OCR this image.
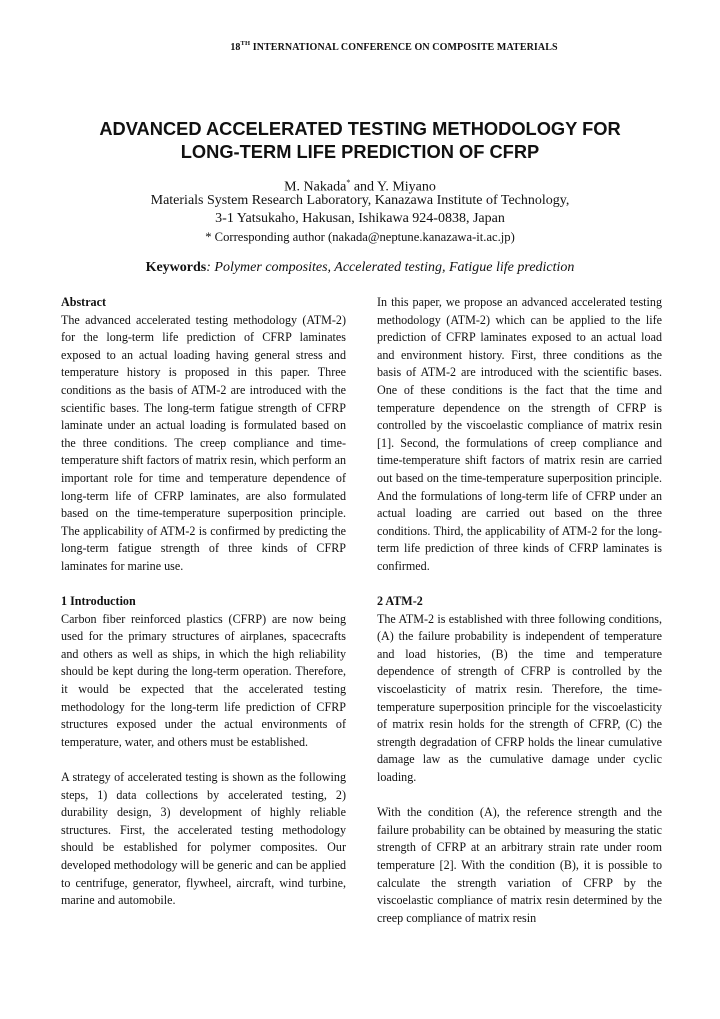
18TH INTERNATIONAL CONFERENCE ON COMPOSITE MATERIALS
ADVANCED ACCELERATED TESTING METHODOLOGY FOR
LONG-TERM LIFE PREDICTION OF CFRP
M. Nakada* and Y. Miyano
Materials System Research Laboratory, Kanazawa Institute of Technology,
3-1 Yatsukaho, Hakusan, Ishikawa 924-0838, Japan
* Corresponding author (nakada@neptune.kanazawa-it.ac.jp)
Keywords: Polymer composites, Accelerated testing, Fatigue life prediction
Abstract

The advanced accelerated testing methodology (ATM-2) for the long-term life prediction of CFRP laminates exposed to an actual loading having general stress and temperature history is proposed in this paper. Three conditions as the basis of ATM-2 are introduced with the scientific bases. The long-term fatigue strength of CFRP laminate under an actual loading is formulated based on the three conditions. The creep compliance and time-temperature shift factors of matrix resin, which perform an important role for time and temperature dependence of long-term life of CFRP laminates, are also formulated based on the time-temperature superposition principle. The applicability of ATM-2 is confirmed by predicting the long-term fatigue strength of three kinds of CFRP laminates for marine use.

1 Introduction

Carbon fiber reinforced plastics (CFRP) are now being used for the primary structures of airplanes, spacecrafts and others as well as ships, in which the high reliability should be kept during the long-term operation. Therefore, it would be expected that the accelerated testing methodology for the long-term life prediction of CFRP structures exposed under the actual environments of temperature, water, and others must be established.

A strategy of accelerated testing is shown as the following steps, 1) data collections by accelerated testing, 2) durability design, 3) development of highly reliable structures. First, the accelerated testing methodology should be established for polymer composites. Our developed methodology will be generic and can be applied to centrifuge, generator, flywheel, aircraft, wind turbine, marine and automobile.

In this paper, we propose an advanced accelerated testing methodology (ATM-2) which can be applied to the life prediction of CFRP laminates exposed to an actual load and environment history. First, three conditions as the basis of ATM-2 are introduced with the scientific bases. One of these conditions is the fact that the time and temperature dependence on the strength of CFRP is controlled by the viscoelastic compliance of matrix resin [1]. Second, the formulations of creep compliance and time-temperature shift factors of matrix resin are carried out based on the time-temperature superposition principle. And the formulations of long-term life of CFRP under an actual loading are carried out based on the three conditions. Third, the applicability of ATM-2 for the long-term life prediction of three kinds of CFRP laminates is confirmed.

2 ATM-2

The ATM-2 is established with three following conditions, (A) the failure probability is independent of temperature and load histories, (B) the time and temperature dependence of strength of CFRP is controlled by the viscoelasticity of matrix resin. Therefore, the time-temperature superposition principle for the viscoelasticity of matrix resin holds for the strength of CFRP, (C) the strength degradation of CFRP holds the linear cumulative damage law as the cumulative damage under cyclic loading.

With the condition (A), the reference strength and the failure probability can be obtained by measuring the static strength of CFRP at an arbitrary strain rate under room temperature [2]. With the condition (B), it is possible to calculate the strength variation of CFRP by the viscoelastic compliance of matrix resin determined by the creep compliance of matrix resin
